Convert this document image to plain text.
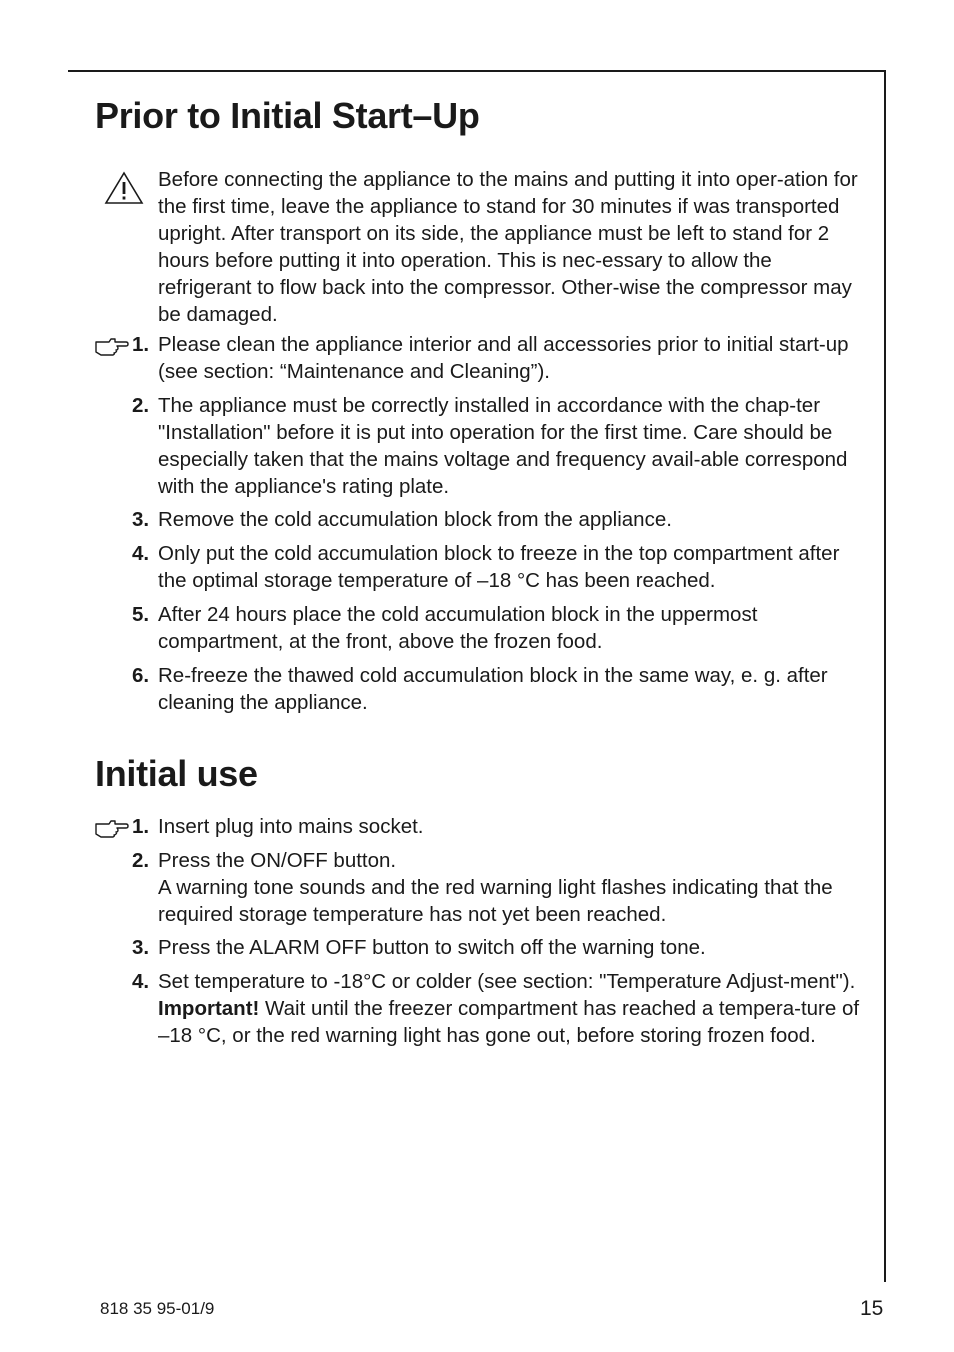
Prior to Initial Start–Up

Before connecting the appliance to the mains and putting it into oper-ation for the first time, leave the appliance to stand for 30 minutes if was transported upright. After transport on its side, the appliance must be left to stand for 2 hours before putting it into operation. This is nec-essary to allow the refrigerant to flow back into the compressor. Other-wise the compressor may be damaged.

1. Please clean the appliance interior and all accessories prior to initial start-up (see section: “Maintenance and Cleaning”).

2. The appliance must be correctly installed in accordance with the chap-ter "Installation" before it is put into operation for the first time. Care should be especially taken that the mains voltage and frequency avail-able correspond with the appliance's rating plate.

3. Remove the cold accumulation block from the appliance.

4. Only put the cold accumulation block to freeze in the top compartment after the optimal storage temperature of –18 °C has been reached.

5. After 24 hours place the cold accumulation block in the uppermost compartment, at the front, above the frozen food.

6. Re-freeze the thawed cold accumulation block in the same way, e. g. after cleaning the appliance.

Initial use
1. Insert plug into mains socket.

2. Press the ON/OFF button.

A warning tone sounds and the red warning light flashes indicating that the required storage temperature has not yet been reached.

3. Press the ALARM OFF button to switch off the warning tone.

4. Set temperature to -18°C or colder (see section: "Temperature Adjust-ment").

Important! Wait until the freezer compartment has reached a tempera-ture of –18 °C, or the red warning light has gone out, before storing frozen food.

818 35 95-01/9	15
